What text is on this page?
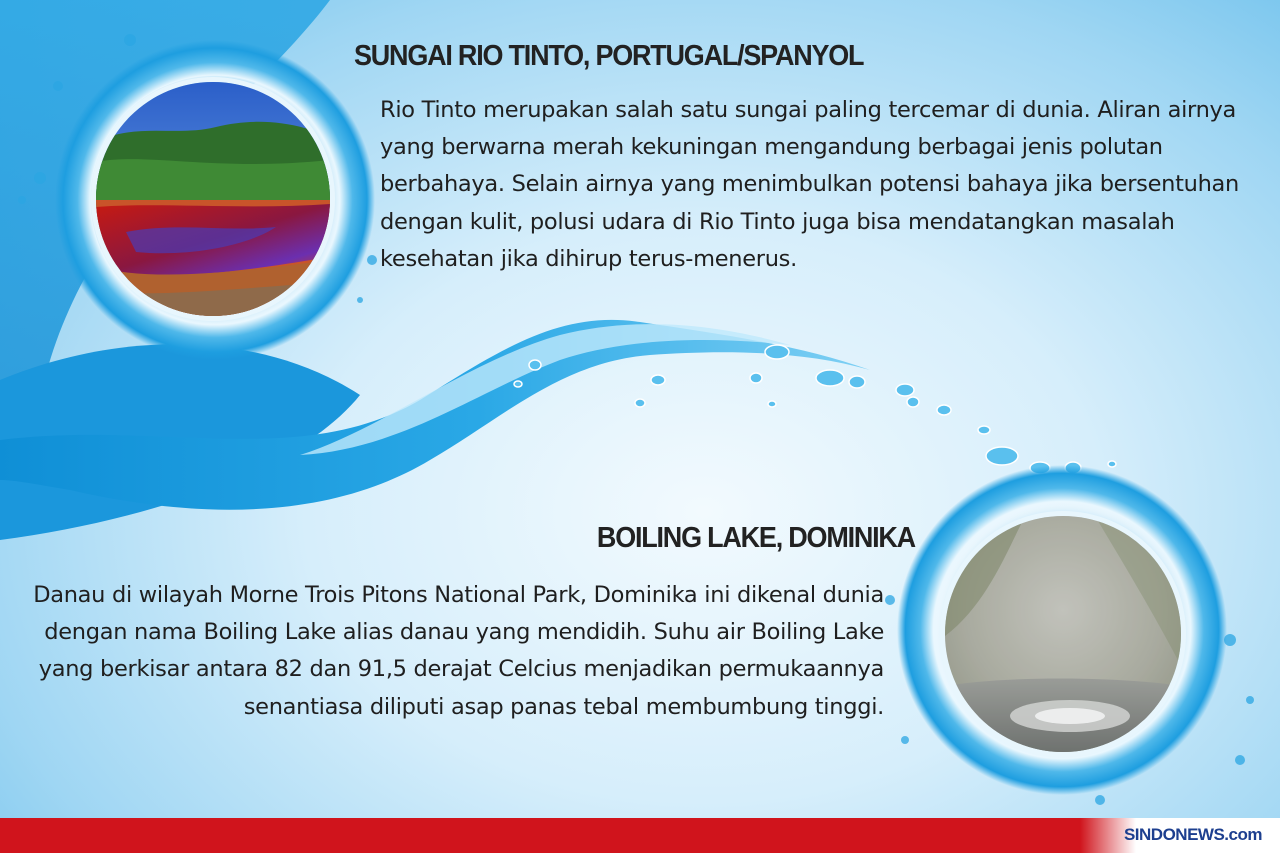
SUNGAI RIO TINTO, PORTUGAL/SPANYOL

Rio Tinto merupakan salah satu sungai paling tercemar di dunia. Aliran airnya yang berwarna merah kekuningan mengandung berbagai jenis polutan berbahaya. Selain airnya yang menimbulkan potensi bahaya jika bersentuhan dengan kulit, polusi udara di Rio Tinto juga bisa mendatangkan masalah kesehatan jika dihirup terus-menerus.

BOILING LAKE, DOMINIKA

Danau di wilayah Morne Trois Pitons National Park, Dominika ini dikenal dunia dengan nama Boiling Lake alias danau yang mendidih. Suhu air Boiling Lake yang berkisar antara 82 dan 91,5 derajat Celcius menjadikan permukaannya senantiasa diliputi asap panas tebal membumbung tinggi.

SINDONEWS.com
